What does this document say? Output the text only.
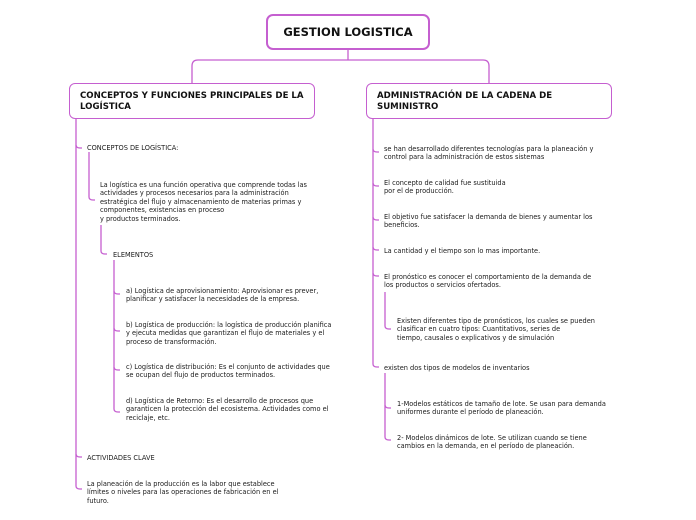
GESTION LOGISTICA
CONCEPTOS Y FUNCIONES PRINCIPALES DE LA LOGÍSTICA
ADMINISTRACIÓN DE LA CADENA DE SUMINISTRO

CONCEPTOS DE LOGÍSTICA:

La logística es una función operativa que comprende todas las
actividades y procesos necesarios para la administración
estratégica del flujo y almacenamiento de materias primas y
componentes, existencias en proceso
y productos terminados.

ELEMENTOS

a) Logística de aprovisionamiento: Aprovisionar es prever,
planificar y satisfacer la necesidades de la empresa.

b) Logística de producción: la logística de producción planifica
y ejecuta medidas que garantizan el flujo de materiales y el
proceso de transformación.

c) Logística de distribución: Es el conjunto de actividades que
se ocupan del flujo de productos terminados.

d) Logística de Retorno: Es el desarrollo de procesos que
garanticen la protección del ecosistema. Actividades como el
reciclaje, etc.

ACTIVIDADES CLAVE

La planeación de la producción es la labor que establece
límites o niveles para las operaciones de fabricación en el
futuro.

se han desarrollado diferentes tecnologías para la planeación y
control para la administración de estos sistemas

El concepto de calidad fue sustituida
por el de producción.

El objetivo fue satisfacer la demanda de bienes y aumentar los
beneficios.

La cantidad y el tiempo son lo mas importante.

El pronóstico es conocer el comportamiento de la demanda de
los productos o servicios ofertados.

Existen diferentes tipo de pronósticos, los cuales se pueden
clasificar en cuatro tipos: Cuantitativos, series de
tiempo, causales o explicativos y de simulación

existen dos tipos de modelos de inventarios

1-Modelos estáticos de tamaño de lote. Se usan para demanda
uniformes durante el período de planeación.

2- Modelos dinámicos de lote. Se utilizan cuando se tiene
cambios en la demanda, en el período de planeación.
